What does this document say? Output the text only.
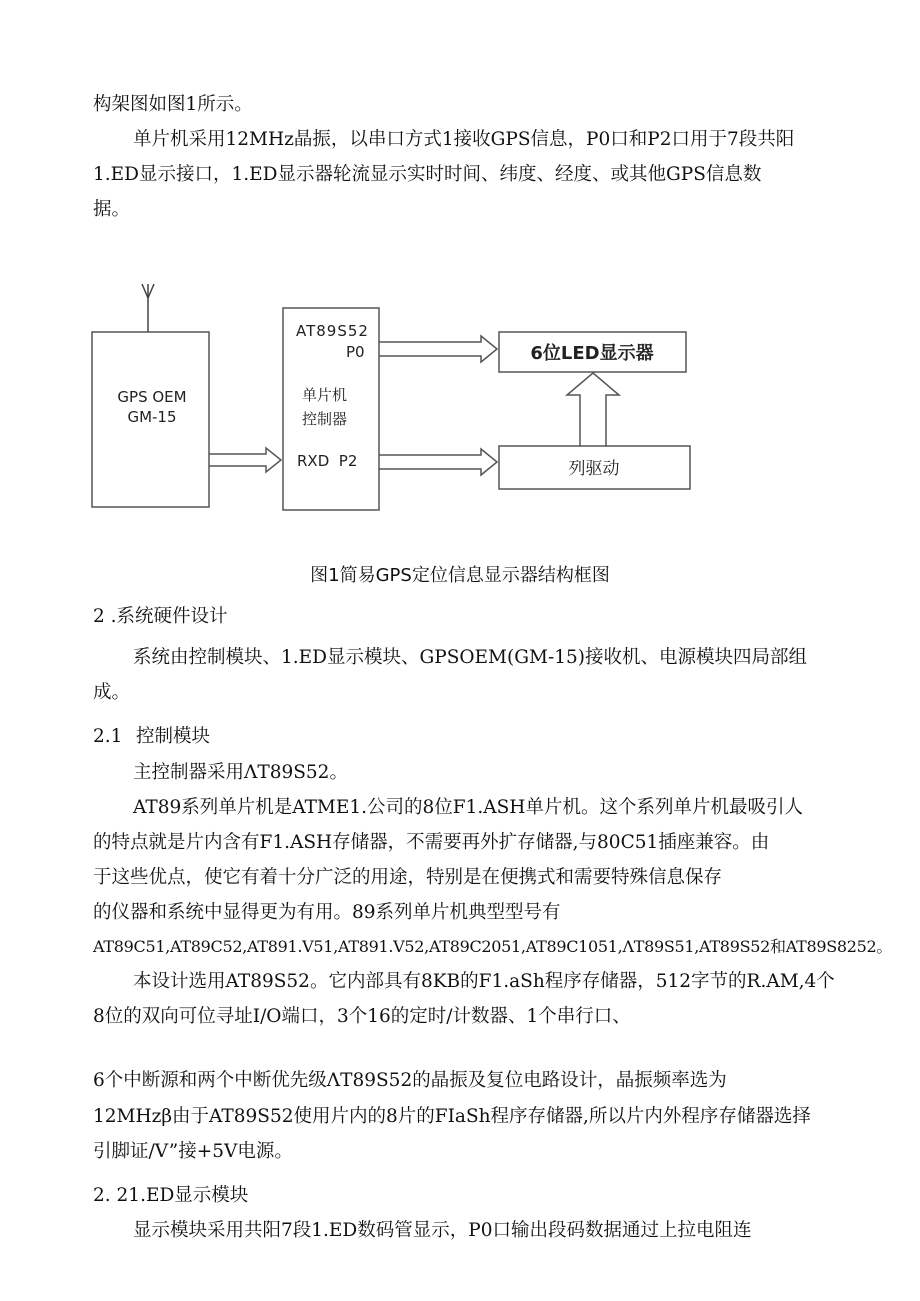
构架图如图1所示。
单片机采用12MHz晶振，以串口方式1接收GPS信息，P0口和P2口用于7段共阳
1.ED显示接口，1.ED显示器轮流显示实时时间、纬度、经度、或其他GPS信息数
据。
GPS OEM
GM-15
AT89S52
P0
单片机
控制器
RXD  P2
6位LED显示器
列驱动
图1简易GPS定位信息显示器结构框图
2 .系统硬件设计
系统由控制模块、1.ED显示模块、GPSOEM(GM-15)接收机、电源模块四局部组
成。
2.1 控制模块
主控制器采用ΛT89S52。
AT89系列单片机是ATME1.公司的8位F1.ASH单片机。这个系列单片机最吸引人
的特点就是片内含有F1.ASH存储器，不需要再外扩存储器,与80C51插座兼容。由
于这些优点，使它有着十分广泛的用途，特别是在便携式和需要特殊信息保存
的仪器和系统中显得更为有用。89系列单片机典型型号有
AT89C51,AT89C52,AT891.V51,AT891.V52,AT89C2051,AT89C1051,ΛT89S51,AT89S52和AT89S8252。
本设计选用AT89S52。它内部具有8KB的F1.aSh程序存储器，512字节的R.AM,4个
8位的双向可位寻址I/O端口，3个16的定时/计数器、1个串行口、
6个中断源和两个中断优先级ΛT89S52的晶振及复位电路设计，晶振频率选为
12MHzβ由于AT89S52使用片内的8片的FIaSh程序存储器,所以片内外程序存储器选择
引脚证/V”接+5V电源。
2. 21.ED显示模块
显示模块采用共阳7段1.ED数码管显示，P0口输出段码数据通过上拉电阻连
